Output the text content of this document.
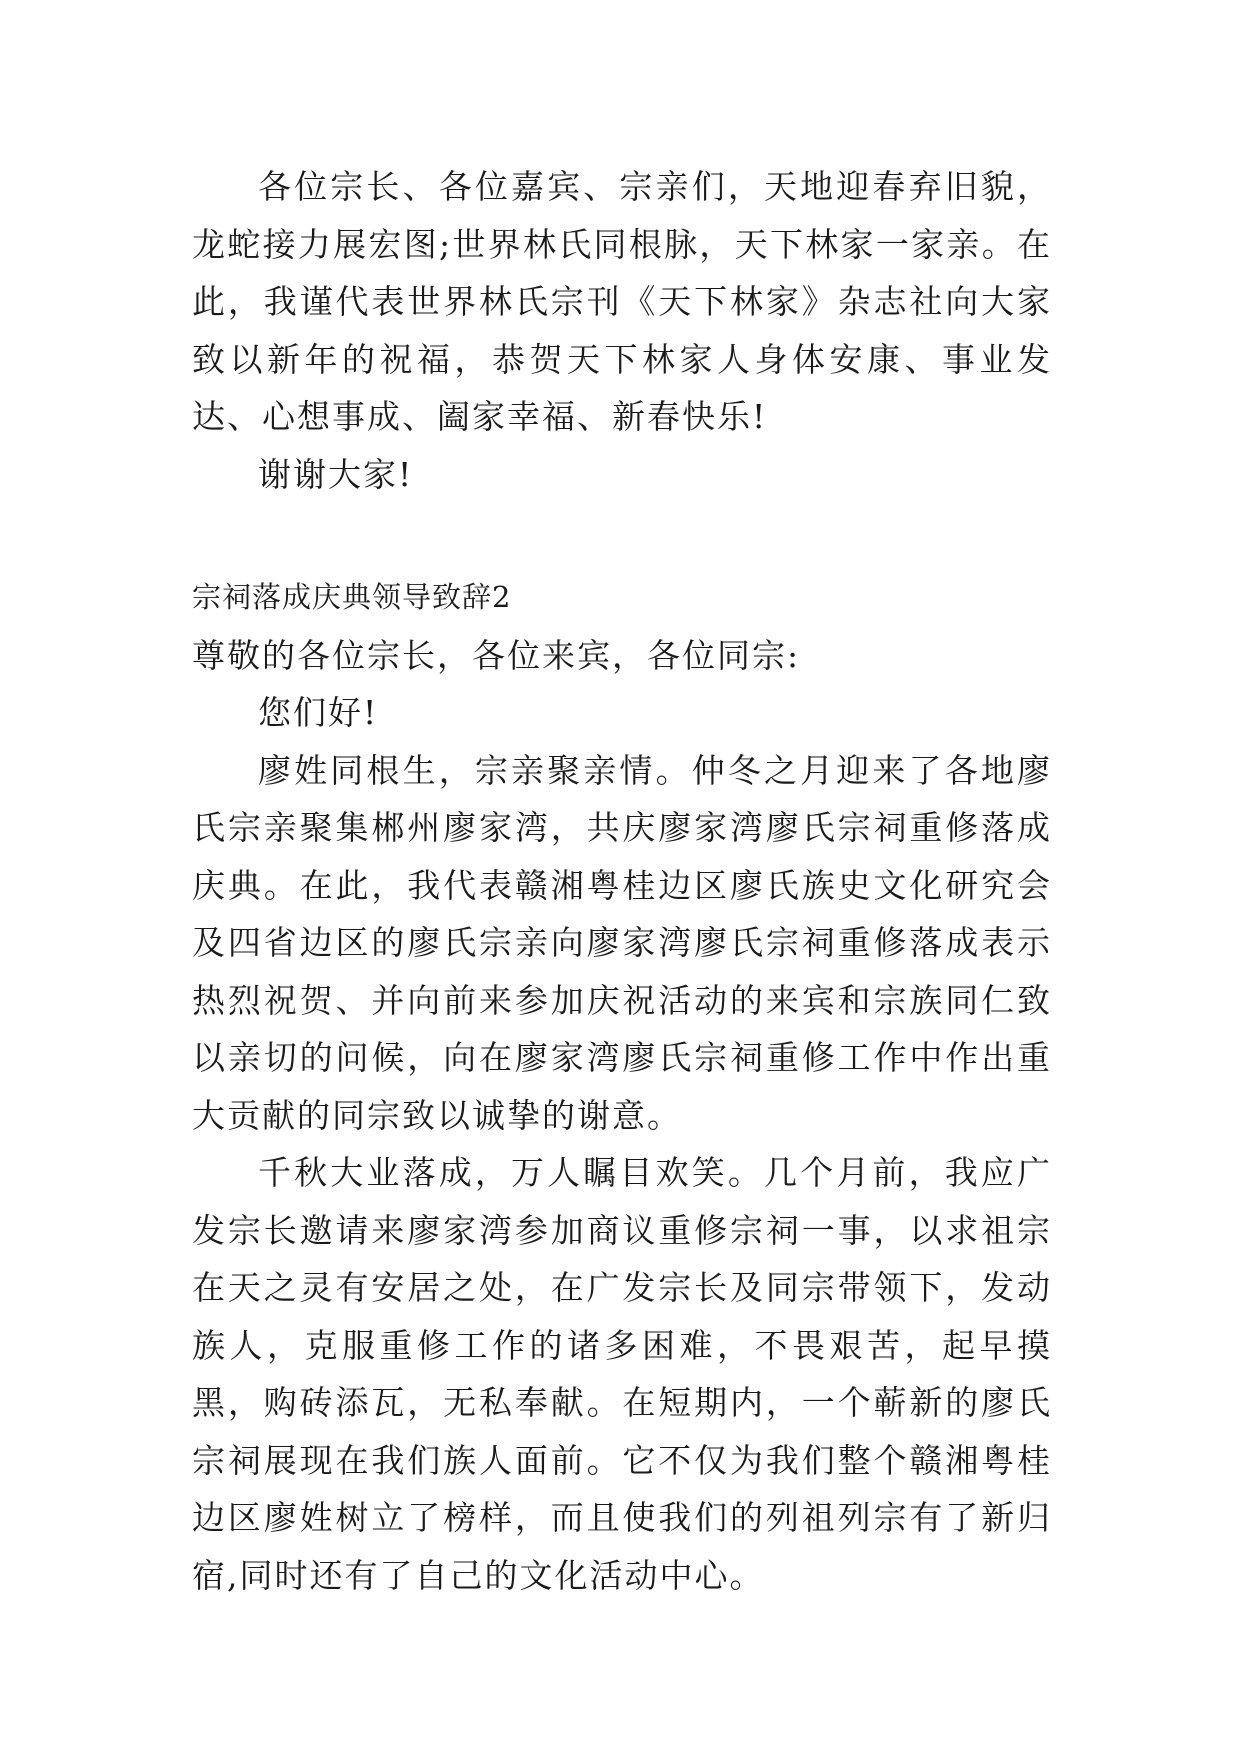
各位宗长、各位嘉宾、宗亲们，天地迎春弃旧貌，龙蛇接力展宏图;世界林氏同根脉，天下林家一家亲。在此，我谨代表世界林氏宗刊《天下林家》杂志社向大家致以新年的祝福，恭贺天下林家人身体安康、事业发达、心想事成、阖家幸福、新春快乐!

谢谢大家!

宗祠落成庆典领导致辞2

尊敬的各位宗长，各位来宾，各位同宗:

您们好!

廖姓同根生，宗亲聚亲情。仲冬之月迎来了各地廖氏宗亲聚集郴州廖家湾，共庆廖家湾廖氏宗祠重修落成庆典。在此，我代表赣湘粤桂边区廖氏族史文化研究会及四省边区的廖氏宗亲向廖家湾廖氏宗祠重修落成表示热烈祝贺、并向前来参加庆祝活动的来宾和宗族同仁致以亲切的问候，向在廖家湾廖氏宗祠重修工作中作出重大贡献的同宗致以诚挚的谢意。

千秋大业落成，万人瞩目欢笑。几个月前，我应广发宗长邀请来廖家湾参加商议重修宗祠一事，以求祖宗在天之灵有安居之处，在广发宗长及同宗带领下，发动族人，克服重修工作的诸多困难，不畏艰苦，起早摸黑，购砖添瓦，无私奉献。在短期内，一个蕲新的廖氏宗祠展现在我们族人面前。它不仅为我们整个赣湘粤桂边区廖姓树立了榜样，而且使我们的列祖列宗有了新归宿,同时还有了自己的文化活动中心。
